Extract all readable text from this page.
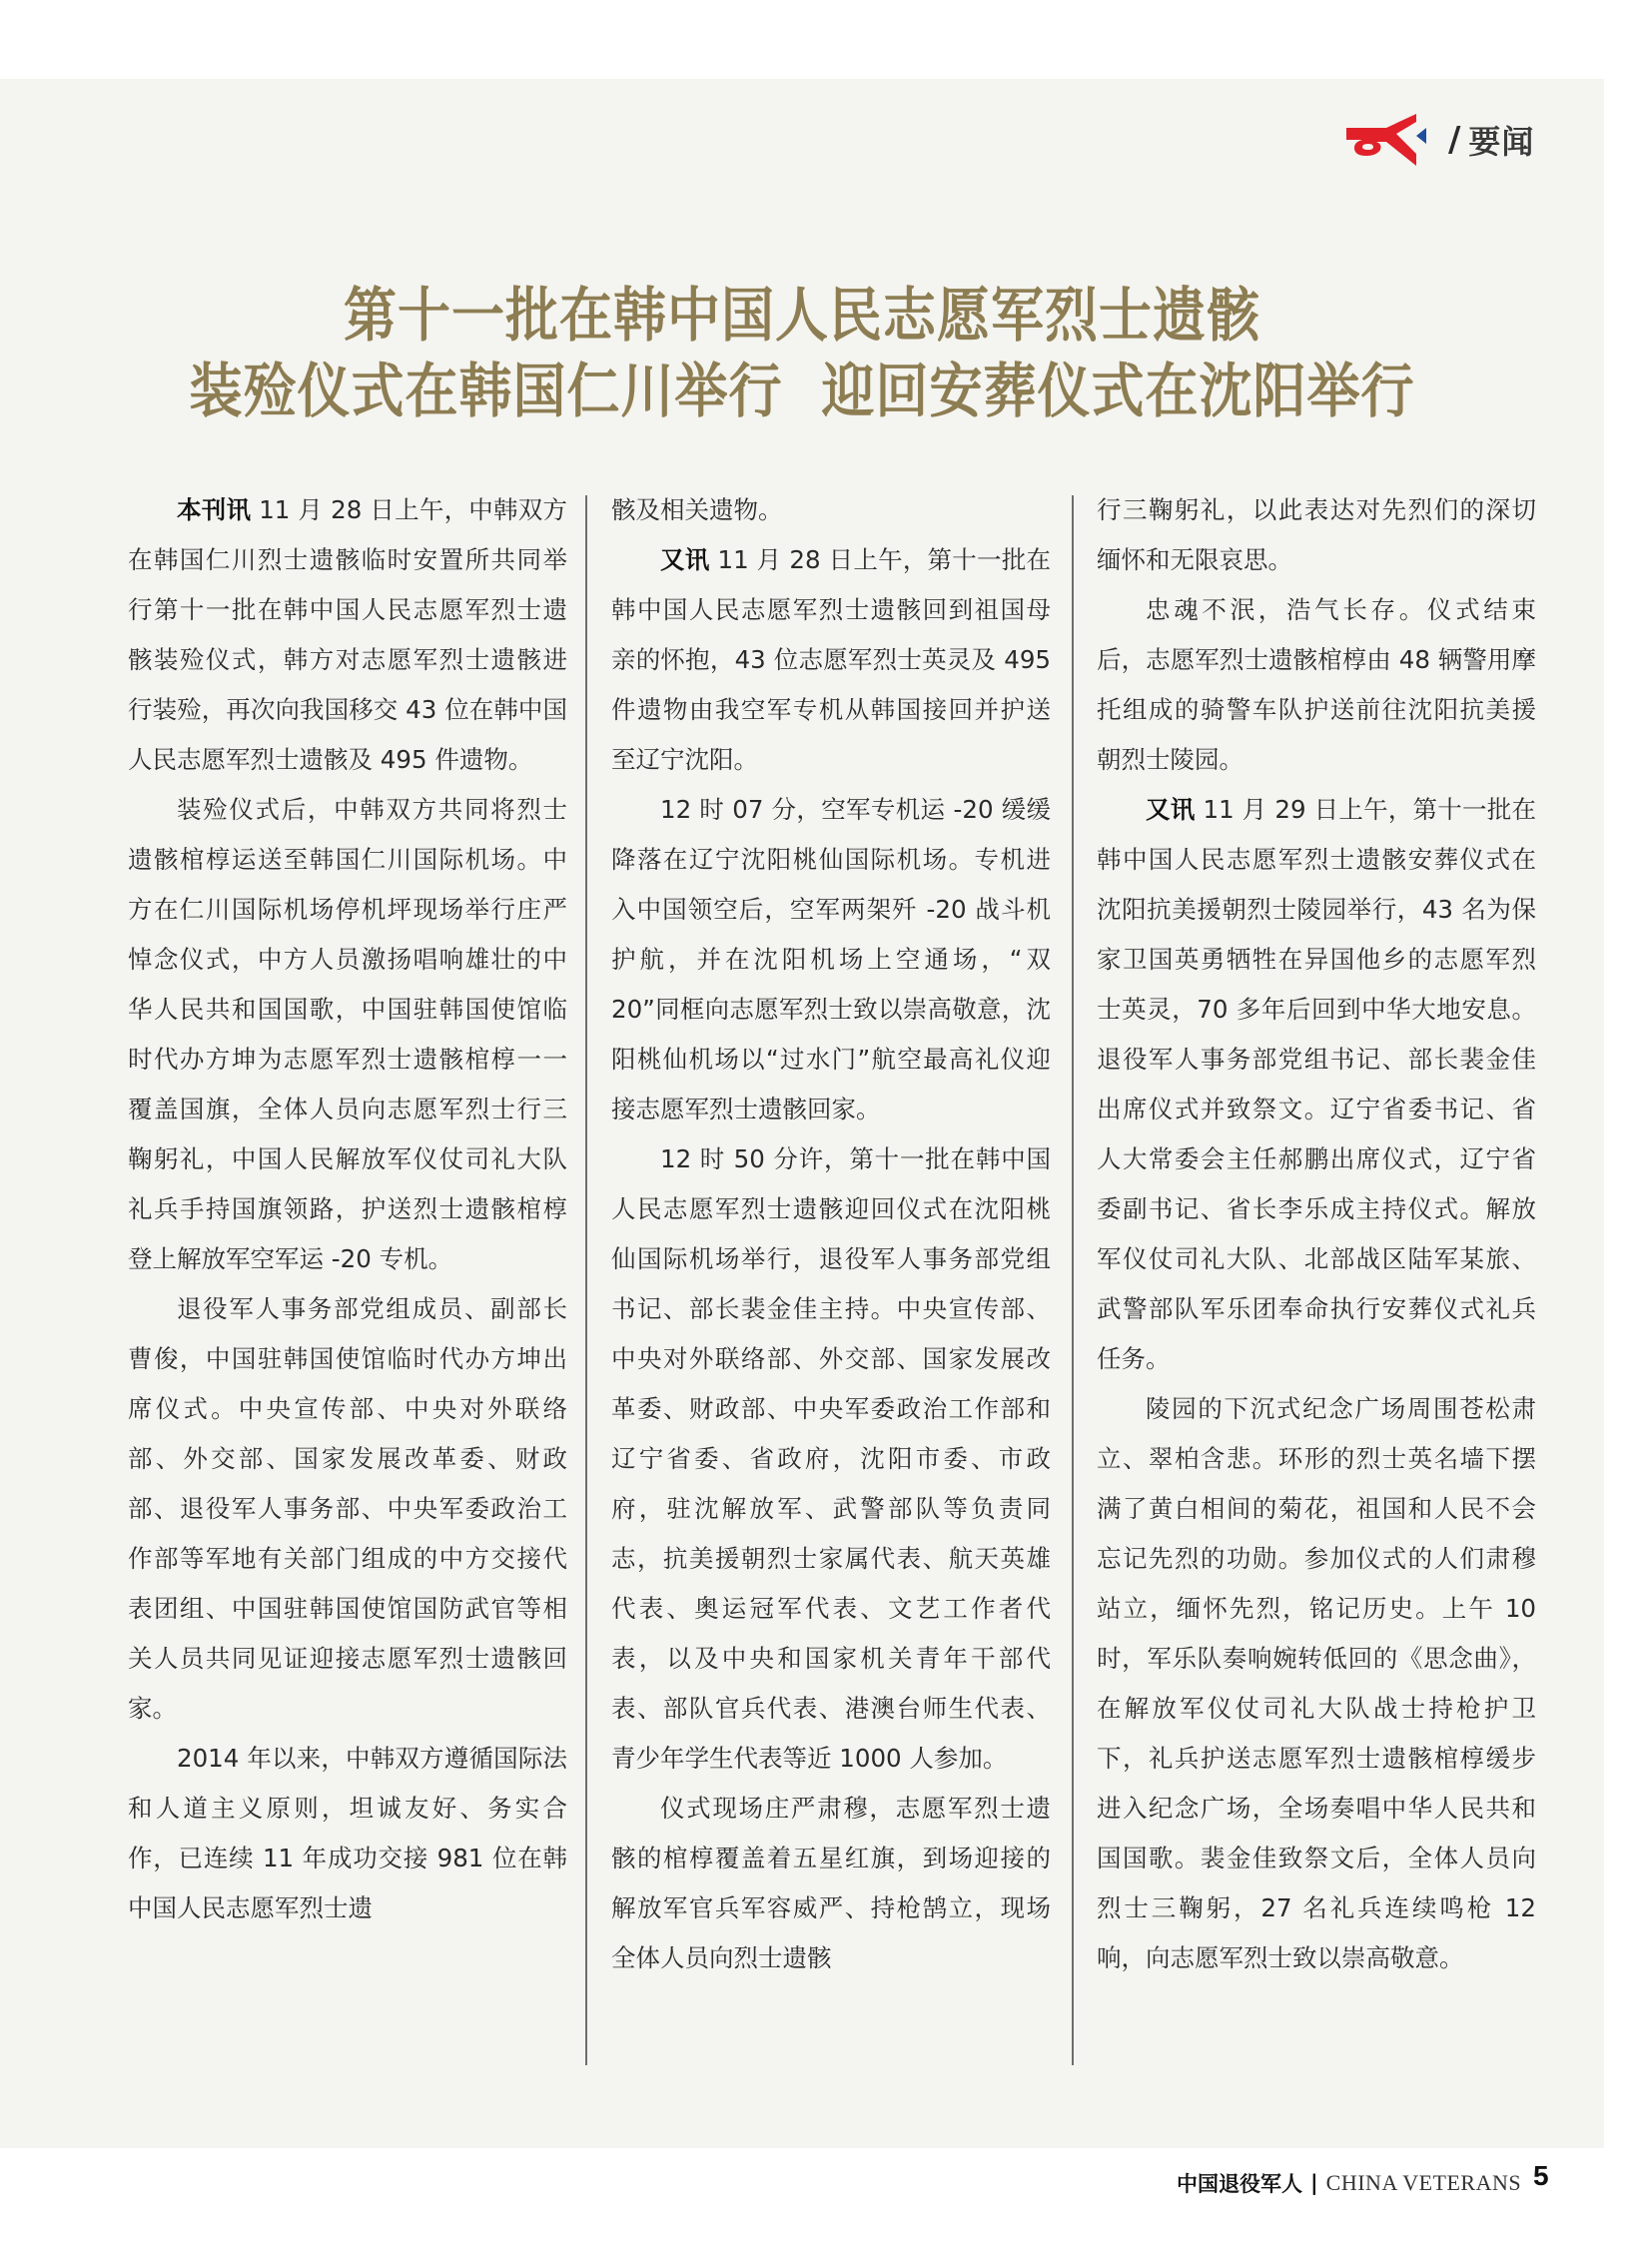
/ 要闻
第十一批在韩中国人民志愿军烈士遗骸
装殓仪式在韩国仁川举行  迎回安葬仪式在沈阳举行

本刊讯 11 月 28 日上午，中韩双方在韩国仁川烈士遗骸临时安置所共同举行第十一批在韩中国人民志愿军烈士遗骸装殓仪式，韩方对志愿军烈士遗骸进行装殓，再次向我国移交 43 位在韩中国人民志愿军烈士遗骸及 495 件遗物。

装殓仪式后，中韩双方共同将烈士遗骸棺椁运送至韩国仁川国际机场。中方在仁川国际机场停机坪现场举行庄严悼念仪式，中方人员激扬唱响雄壮的中华人民共和国国歌，中国驻韩国使馆临时代办方坤为志愿军烈士遗骸棺椁一一覆盖国旗，全体人员向志愿军烈士行三鞠躬礼，中国人民解放军仪仗司礼大队礼兵手持国旗领路，护送烈士遗骸棺椁登上解放军空军运 -20 专机。

退役军人事务部党组成员、副部长曹俊，中国驻韩国使馆临时代办方坤出席仪式。中央宣传部、中央对外联络部、外交部、国家发展改革委、财政部、退役军人事务部、中央军委政治工作部等军地有关部门组成的中方交接代表团组、中国驻韩国使馆国防武官等相关人员共同见证迎接志愿军烈士遗骸回家。

2014 年以来，中韩双方遵循国际法和人道主义原则，坦诚友好、务实合作，已连续 11 年成功交接 981 位在韩中国人民志愿军烈士遗

骸及相关遗物。

又讯 11 月 28 日上午，第十一批在韩中国人民志愿军烈士遗骸回到祖国母亲的怀抱，43 位志愿军烈士英灵及 495 件遗物由我空军专机从韩国接回并护送至辽宁沈阳。

12 时 07 分，空军专机运 -20 缓缓降落在辽宁沈阳桃仙国际机场。专机进入中国领空后，空军两架歼 -20 战斗机护航，并在沈阳机场上空通场，“双 20”同框向志愿军烈士致以崇高敬意，沈阳桃仙机场以“过水门”航空最高礼仪迎接志愿军烈士遗骸回家。

12 时 50 分许，第十一批在韩中国人民志愿军烈士遗骸迎回仪式在沈阳桃仙国际机场举行，退役军人事务部党组书记、部长裴金佳主持。中央宣传部、中央对外联络部、外交部、国家发展改革委、财政部、中央军委政治工作部和辽宁省委、省政府，沈阳市委、市政府，驻沈解放军、武警部队等负责同志，抗美援朝烈士家属代表、航天英雄代表、奥运冠军代表、文艺工作者代表，以及中央和国家机关青年干部代表、部队官兵代表、港澳台师生代表、青少年学生代表等近 1000 人参加。

仪式现场庄严肃穆，志愿军烈士遗骸的棺椁覆盖着五星红旗，到场迎接的解放军官兵军容威严、持枪鹄立，现场全体人员向烈士遗骸

行三鞠躬礼，以此表达对先烈们的深切缅怀和无限哀思。

忠魂不泯，浩气长存。仪式结束后，志愿军烈士遗骸棺椁由 48 辆警用摩托组成的骑警车队护送前往沈阳抗美援朝烈士陵园。

又讯 11 月 29 日上午，第十一批在韩中国人民志愿军烈士遗骸安葬仪式在沈阳抗美援朝烈士陵园举行，43 名为保家卫国英勇牺牲在异国他乡的志愿军烈士英灵，70 多年后回到中华大地安息。退役军人事务部党组书记、部长裴金佳出席仪式并致祭文。辽宁省委书记、省人大常委会主任郝鹏出席仪式，辽宁省委副书记、省长李乐成主持仪式。解放军仪仗司礼大队、北部战区陆军某旅、武警部队军乐团奉命执行安葬仪式礼兵任务。

陵园的下沉式纪念广场周围苍松肃立、翠柏含悲。环形的烈士英名墙下摆满了黄白相间的菊花，祖国和人民不会忘记先烈的功勋。参加仪式的人们肃穆站立，缅怀先烈，铭记历史。上午 10 时，军乐队奏响婉转低回的《思念曲》，在解放军仪仗司礼大队战士持枪护卫下，礼兵护送志愿军烈士遗骸棺椁缓步进入纪念广场，全场奏唱中华人民共和国国歌。裴金佳致祭文后，全体人员向烈士三鞠躬，27 名礼兵连续鸣枪 12 响，向志愿军烈士致以崇高敬意。

中国退役军人 | CHINA VETERANS 5
